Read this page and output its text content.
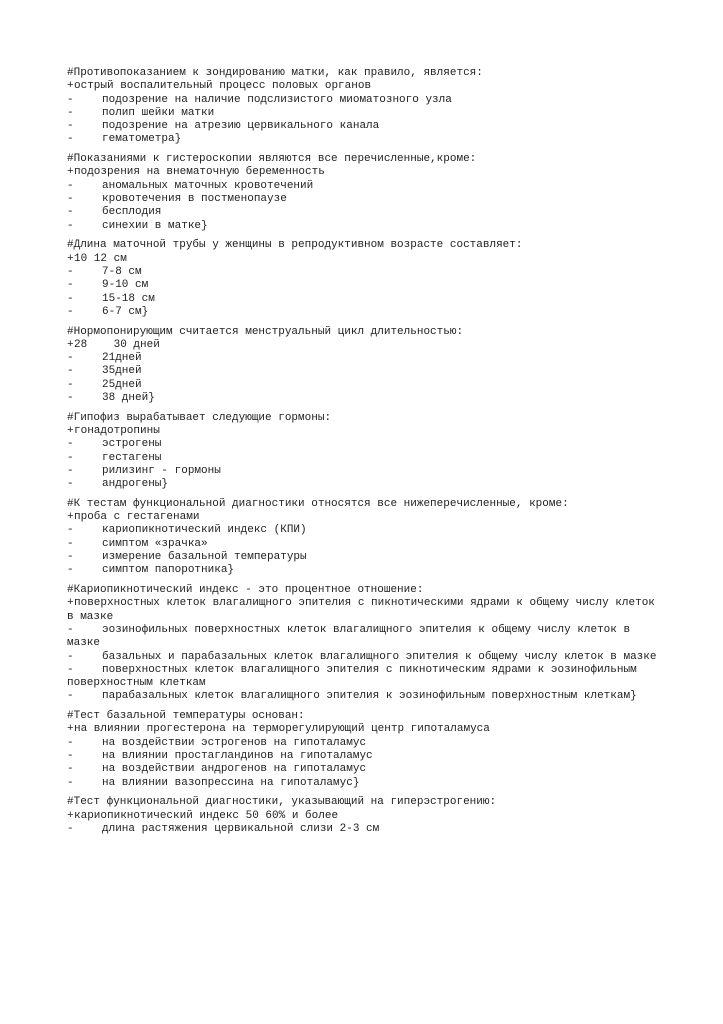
#Противопоказанием к зондированию матки, как правило, является:
+ острый воспалительный процесс половых органов
-	подозрение на наличие подслизистого миоматозного узла
-	полип шейки матки
-	подозрение на атрезию цервикального канала
-	гематометра}
#Показаниями к гистероскопии являются все перечисленные,кроме:
+ подозрения на внематочную беременность
-	аномальных маточных кровотечений
-	кровотечения в постменопаузе
-	бесплодия
-	синехии в матке}
#Длина маточной трубы у женщины в репродуктивном возрасте составляет:
+ 10 12 см
-	7-8 см
-	9-10 см
-	15-18 см
-	6-7 см}
#Нормопонирующим считается менструальный цикл длительностью:
+ 28    30 дней
-	21дней
-	35дней
-	25дней
-	38 дней}
#Гипофиз вырабатывает следующие гормоны:
+ гонадотропины
-	эстрогены
-	гестагены
-	рилизинг - гормоны
-	андрогены}
#К тестам функциональной диагностики относятся все нижеперечисленные, кроме:
+ проба с гестагенами
-	кариопикнотический индекс (КПИ)
-	симптом «зрачка»
-	измерение базальной температуры
-	симптом папоротника}
#Кариопикнотический индекс - это процентное отношение:
+поверхностных клеток влагалищного эпителия с пикнотическими ядрами к общему числу клеток в мазке
-	эозинофильных поверхностных клеток влагалищного эпителия к общему числу клеток в мазке
-	базальных и парабазальных клеток влагалищного эпителия к общему числу клеток в мазке
-	поверхностных клеток влагалищного эпителия с пикнотическим ядрами к эозинофильным поверхностным клеткам
-	парабазальных клеток влагалищного эпителия к эозинофильным поверхностным клеткам}
#Тест базальной температуры основан:
+ на влиянии прогестерона на терморегулирующий центр гипоталамуса
-	на воздействии эстрогенов на гипоталамус
-	на влиянии простагландинов на гипоталамус
-	на воздействии андрогенов на гипоталамус
-	на влиянии вазопрессина на гипоталамус}
#Тест функциональной диагностики, указывающий на гиперэстрогению:
+ кариопикнотический индекс 50 60% и более
-	длина растяжения цервикальной слизи 2-3 см
